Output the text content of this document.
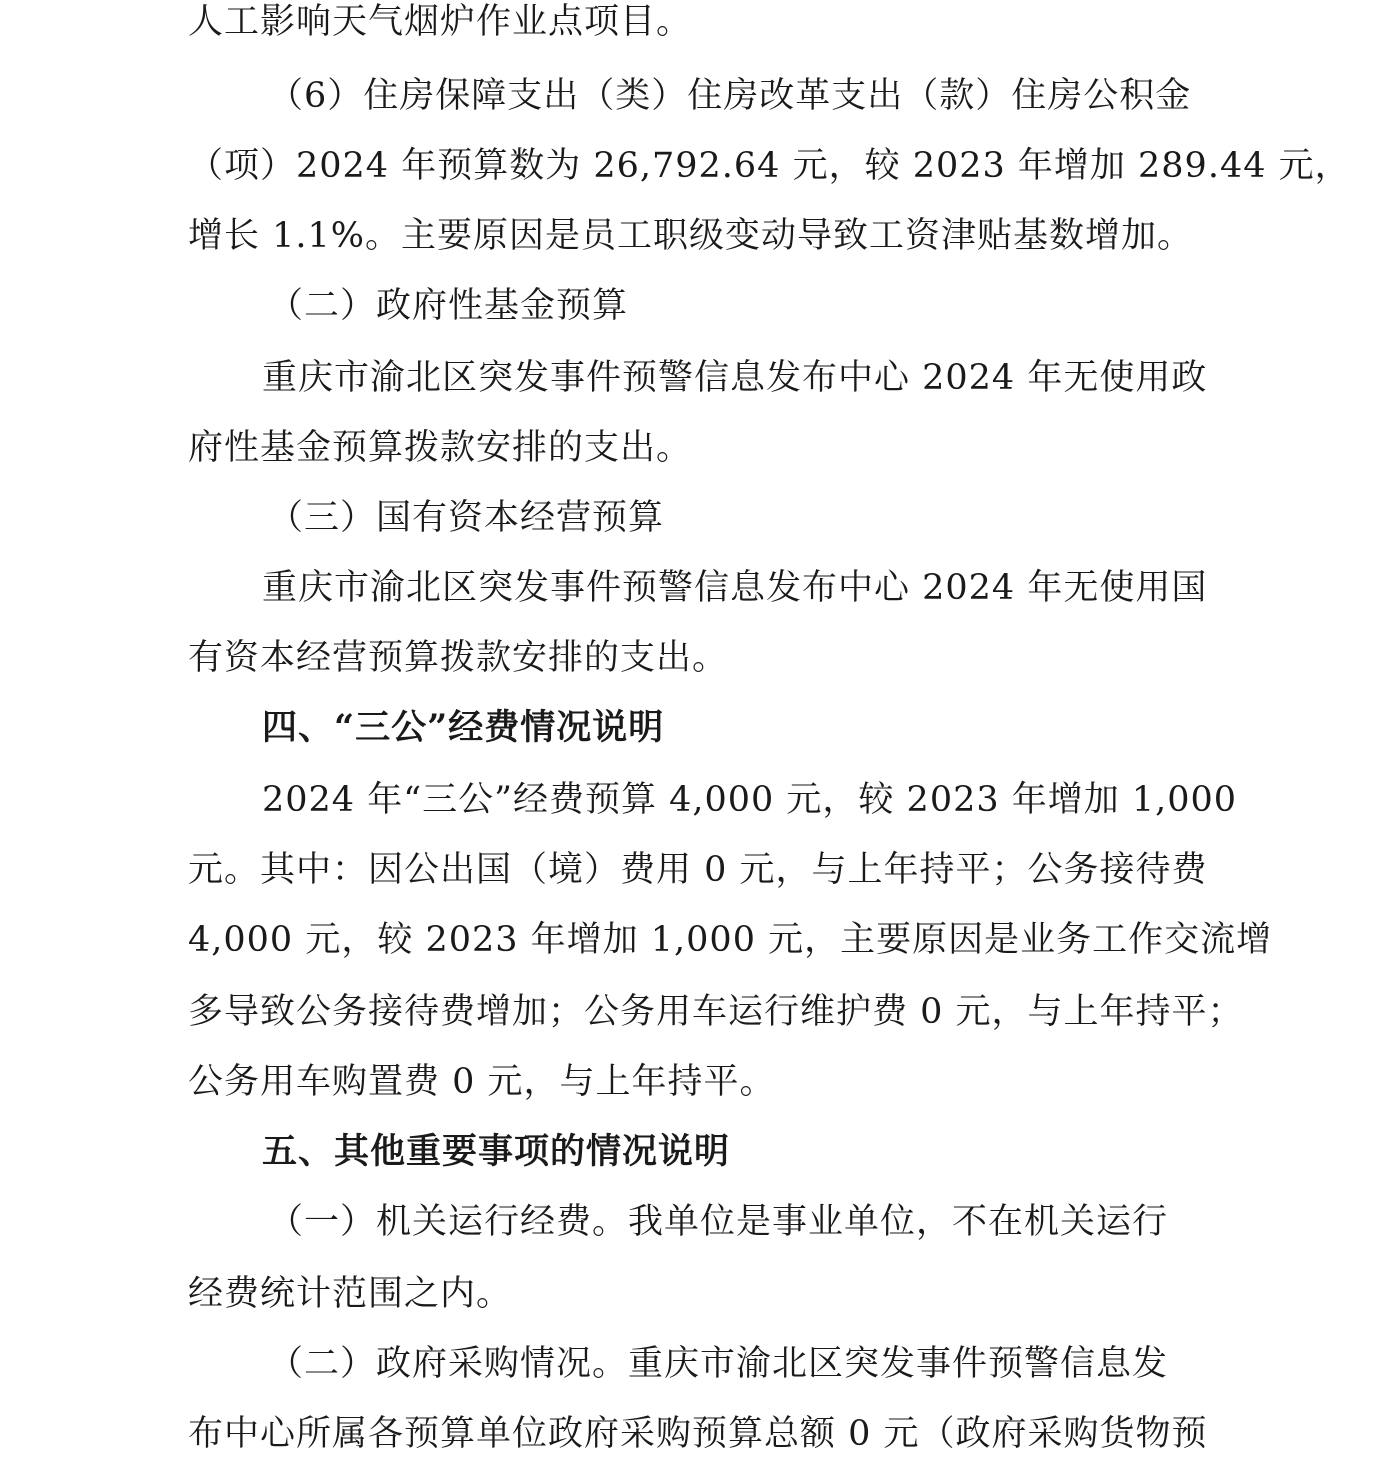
人工影响天气烟炉作业点项目。
（6）住房保障支出（类）住房改革支出（款）住房公积金
（项）2024 年预算数为 26,792.64 元，较 2023 年增加 289.44 元，
增长 1.1%。主要原因是员工职级变动导致工资津贴基数增加。
（二）政府性基金预算
重庆市渝北区突发事件预警信息发布中心 2024 年无使用政
府性基金预算拨款安排的支出。
（三）国有资本经营预算
重庆市渝北区突发事件预警信息发布中心 2024 年无使用国
有资本经营预算拨款安排的支出。
四、“三公”经费情况说明
2024 年“三公”经费预算 4,000 元，较 2023 年增加 1,000
元。其中：因公出国（境）费用 0 元，与上年持平；公务接待费
4,000 元，较 2023 年增加 1,000 元，主要原因是业务工作交流增
多导致公务接待费增加；公务用车运行维护费 0 元，与上年持平；
公务用车购置费 0 元，与上年持平。
五、其他重要事项的情况说明
（一）机关运行经费。我单位是事业单位，不在机关运行
经费统计范围之内。
（二）政府采购情况。重庆市渝北区突发事件预警信息发
布中心所属各预算单位政府采购预算总额 0 元（政府采购货物预
